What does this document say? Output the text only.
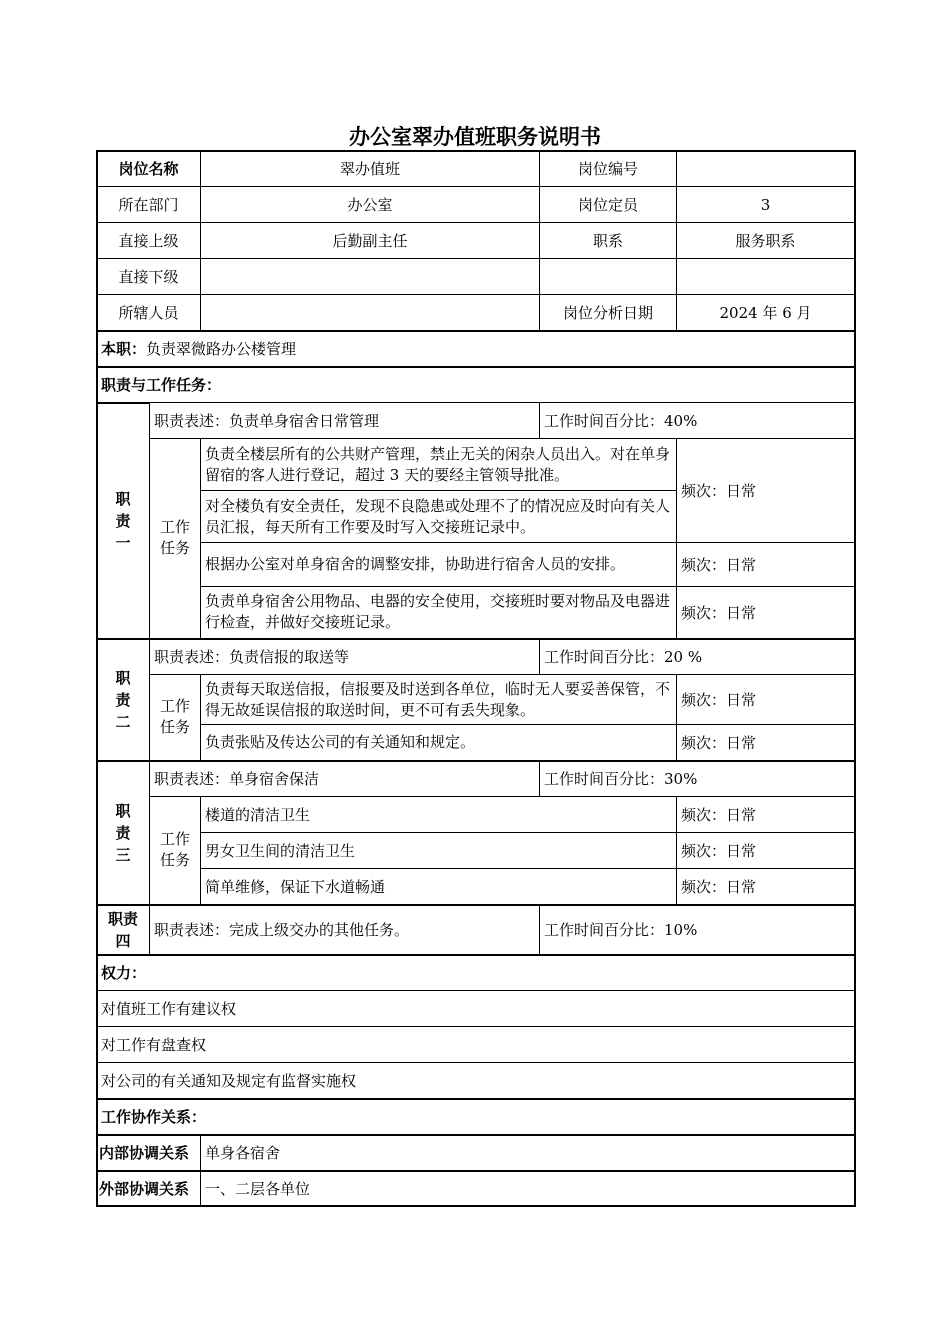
办公室翠办值班职务说明书
岗位名称		翠办值班	岗位编号	
所在部门		办公室	岗位定员	3
直接上级		后勤副主任	职系	服务职系
直接下级				
所辖人员			岗位分析日期	2024 年 6 月
本职：负责翠微路办公楼管理				
职责与工作任务：				
职
责
一	职责表述：负责单身宿舍日常管理		工作时间百分比：40%	
	工作
任务	负责全楼层所有的公共财产管理，禁止无关的闲杂人员出入。对在单身留宿的客人进行登记，超过 3 天的要经主管领导批准。		频次：日常
		对全楼负有安全责任，发现不良隐患或处理不了的情况应及时向有关人员汇报，每天所有工作要及时写入交接班记录中。		
		根据办公室对单身宿舍的调整安排，协助进行宿舍人员的安排。		频次：日常
		负责单身宿舍公用物品、电器的安全使用，交接班时要对物品及电器进行检查，并做好交接班记录。		频次：日常
职
责
二	职责表述：负责信报的取送等		工作时间百分比：20 %	
	工作
任务	负责每天取送信报，信报要及时送到各单位，临时无人要妥善保管，不得无故延误信报的取送时间，更不可有丢失现象。		频次：日常
		负责张贴及传达公司的有关通知和规定。		频次：日常
职
责
三	职责表述：单身宿舍保洁		工作时间百分比：30%	
	工作
任务	楼道的清洁卫生		频次：日常
		男女卫生间的清洁卫生		频次：日常
		简单维修，保证下水道畅通		频次：日常
职责
四	职责表述：完成上级交办的其他任务。		工作时间百分比：10%	
权力：				
对值班工作有建议权				
对工作有盘查权				
对公司的有关通知及规定有监督实施权				
工作协作关系：				
内部协调关系		单身各宿舍		
外部协调关系		一、二层各单位		
